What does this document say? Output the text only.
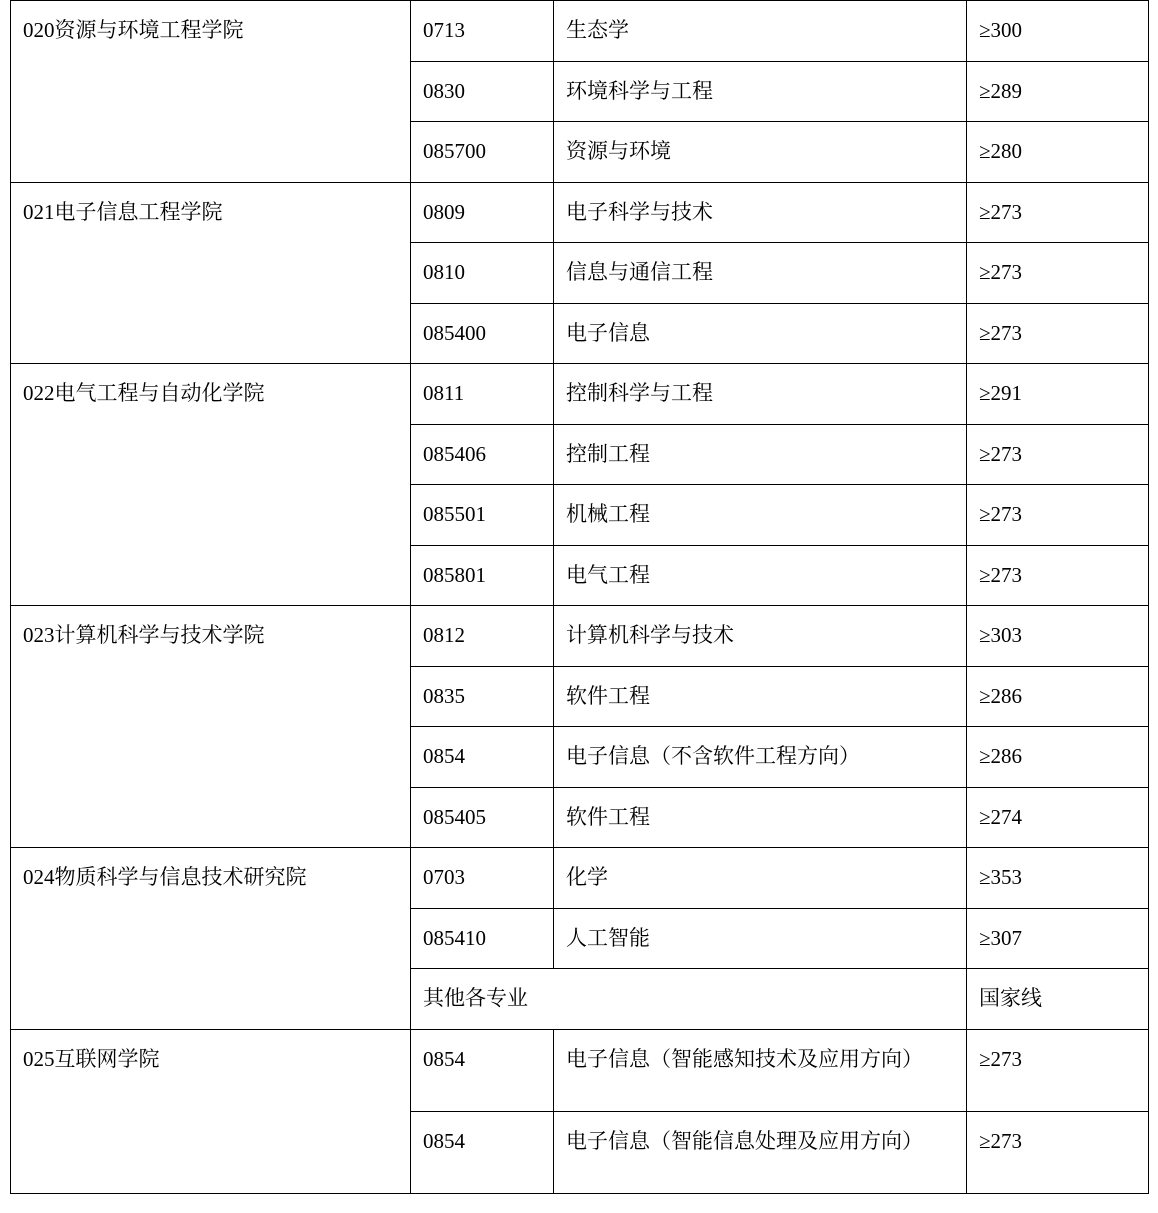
020资源与环境工程学院	0713	生态学	≥300

	0830	环境科学与工程	≥289

	085700	资源与环境	≥280

021电子信息工程学院	0809	电子科学与技术	≥273

	0810	信息与通信工程	≥273

	085400	电子信息	≥273

022电气工程与自动化学院	0811	控制科学与工程	≥291

	085406	控制工程	≥273

	085501	机械工程	≥273

	085801	电气工程	≥273

023计算机科学与技术学院	0812	计算机科学与技术	≥303

	0835	软件工程	≥286

	0854	电子信息（不含软件工程方向）	≥286

	085405	软件工程	≥274

024物质科学与信息技术研究院	0703	化学	≥353

	085410	人工智能	≥307

	其他各专业		国家线

025互联网学院	0854	电子信息（智能感知技术及应用方向）	≥273

	0854	电子信息（智能信息处理及应用方向）	≥273
